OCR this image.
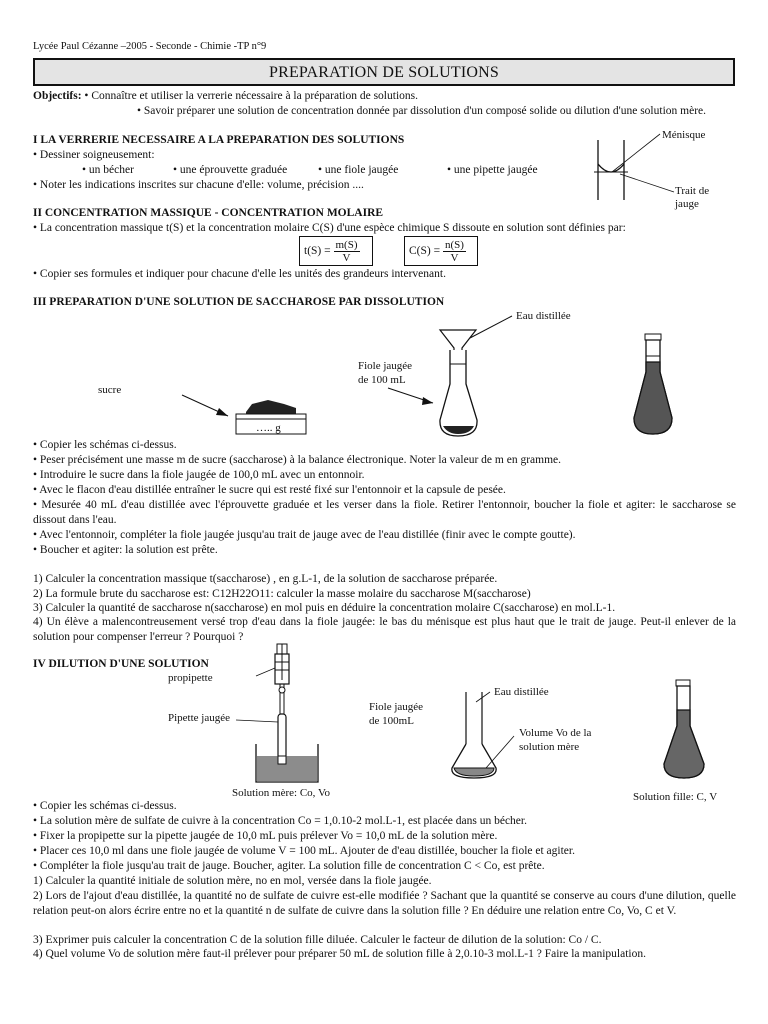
Lycée Paul Cézanne –2005 - Seconde - Chimie -TP n°9
PREPARATION DE SOLUTIONS
Objectifs: • Connaître et utiliser la verrerie nécessaire à la préparation de solutions.
• Savoir préparer une solution de concentration donnée par dissolution d'un composé solide ou dilution d'une solution mère.
I LA VERRERIE NECESSAIRE A LA PREPARATION DES SOLUTIONS
• Dessiner soigneusement:
• un bécher	• une éprouvette graduée	• une fiole jaugée	• une pipette jaugée
• Noter les indications inscrites sur chacune d'elle: volume, précision ....
Ménisque
Trait de
jauge
II CONCENTRATION MASSIQUE - CONCENTRATION MOLAIRE
• La concentration massique t(S) et la concentration molaire C(S) d'une espèce chimique S dissoute en solution sont définies par:
t(S) =
$\frac{m(S)}{V}$	C(S) =
$\frac{n(S)}{V}$
• Copier ses formules et indiquer pour chacune d'elle les unités des grandeurs intervenant.
III PREPARATION D'UNE SOLUTION DE SACCHAROSE PAR DISSOLUTION
Eau distillée
Fiole jaugée
de 100 mL
sucre
….. g
• Copier les schémas ci-dessus.
• Peser précisément une masse m de sucre (saccharose) à la balance électronique. Noter la valeur de m en gramme.
• Introduire le sucre dans la fiole jaugée de 100,0 mL avec un entonnoir.
• Avec le flacon d'eau distillée entraîner le sucre qui est resté fixé sur l'entonnoir et la capsule de pesée.
• Mesurée 40 mL d'eau distillée avec l'éprouvette graduée et les verser dans la fiole. Retirer l'entonnoir, boucher la fiole et agiter: le saccharose se dissout dans l'eau.
• Avec l'entonnoir, compléter la fiole jaugée jusqu'au trait de jauge avec de l'eau distillée (finir avec le compte goutte).
• Boucher et agiter: la solution est prête.
1) Calculer la concentration massique t(saccharose) , en g.L-1, de la solution de saccharose préparée.
2) La formule brute du saccharose est: C12H22O11: calculer la masse molaire du saccharose M(saccharose)
3) Calculer la quantité de saccharose n(saccharose) en mol puis en déduire la concentration molaire C(saccharose) en mol.L-1.
4) Un élève a malencontreusement versé trop d'eau dans la fiole jaugée: le bas du ménisque est plus haut que le trait de jauge. Peut-il enlever de la solution pour compenser l'erreur ? Pourquoi ?
IV DILUTION D'UNE SOLUTION
propipette
Pipette jaugée
Fiole jaugée
de 100mL
Eau distillée
Volume Vo de la
solution mère
Solution mère: Co, Vo	Solution fille: C, V
• Copier les schémas ci-dessus.
• La solution mère de sulfate de cuivre à la concentration Co = 1,0.10-2 mol.L-1, est placée dans un bécher.
• Fixer la propipette sur la pipette jaugée de 10,0 mL puis prélever Vo = 10,0 mL de la solution mère.
• Placer ces 10,0 ml dans une fiole jaugée de volume V = 100 mL. Ajouter de d'eau distillée, boucher la fiole et agiter.
• Compléter la fiole jusqu'au trait de jauge. Boucher, agiter. La solution fille de concentration C < Co, est prête.
1) Calculer la quantité initiale de solution mère, no en mol, versée dans la fiole jaugée.
2) Lors de l'ajout d'eau distillée, la quantité no de sulfate de cuivre est-elle modifiée ? Sachant que la quantité se conserve au cours d'une dilution, quelle relation peut-on alors écrire entre no et la quantité n de sulfate de cuivre dans la solution fille ? En déduire une relation entre Co, Vo, C et V.
3) Exprimer puis calculer la concentration C de la solution fille diluée. Calculer le facteur de dilution de la solution: Co / C.
4) Quel volume Vo de solution mère faut-il prélever pour préparer 50 mL de solution fille à 2,0.10-3 mol.L-1 ? Faire la manipulation.
